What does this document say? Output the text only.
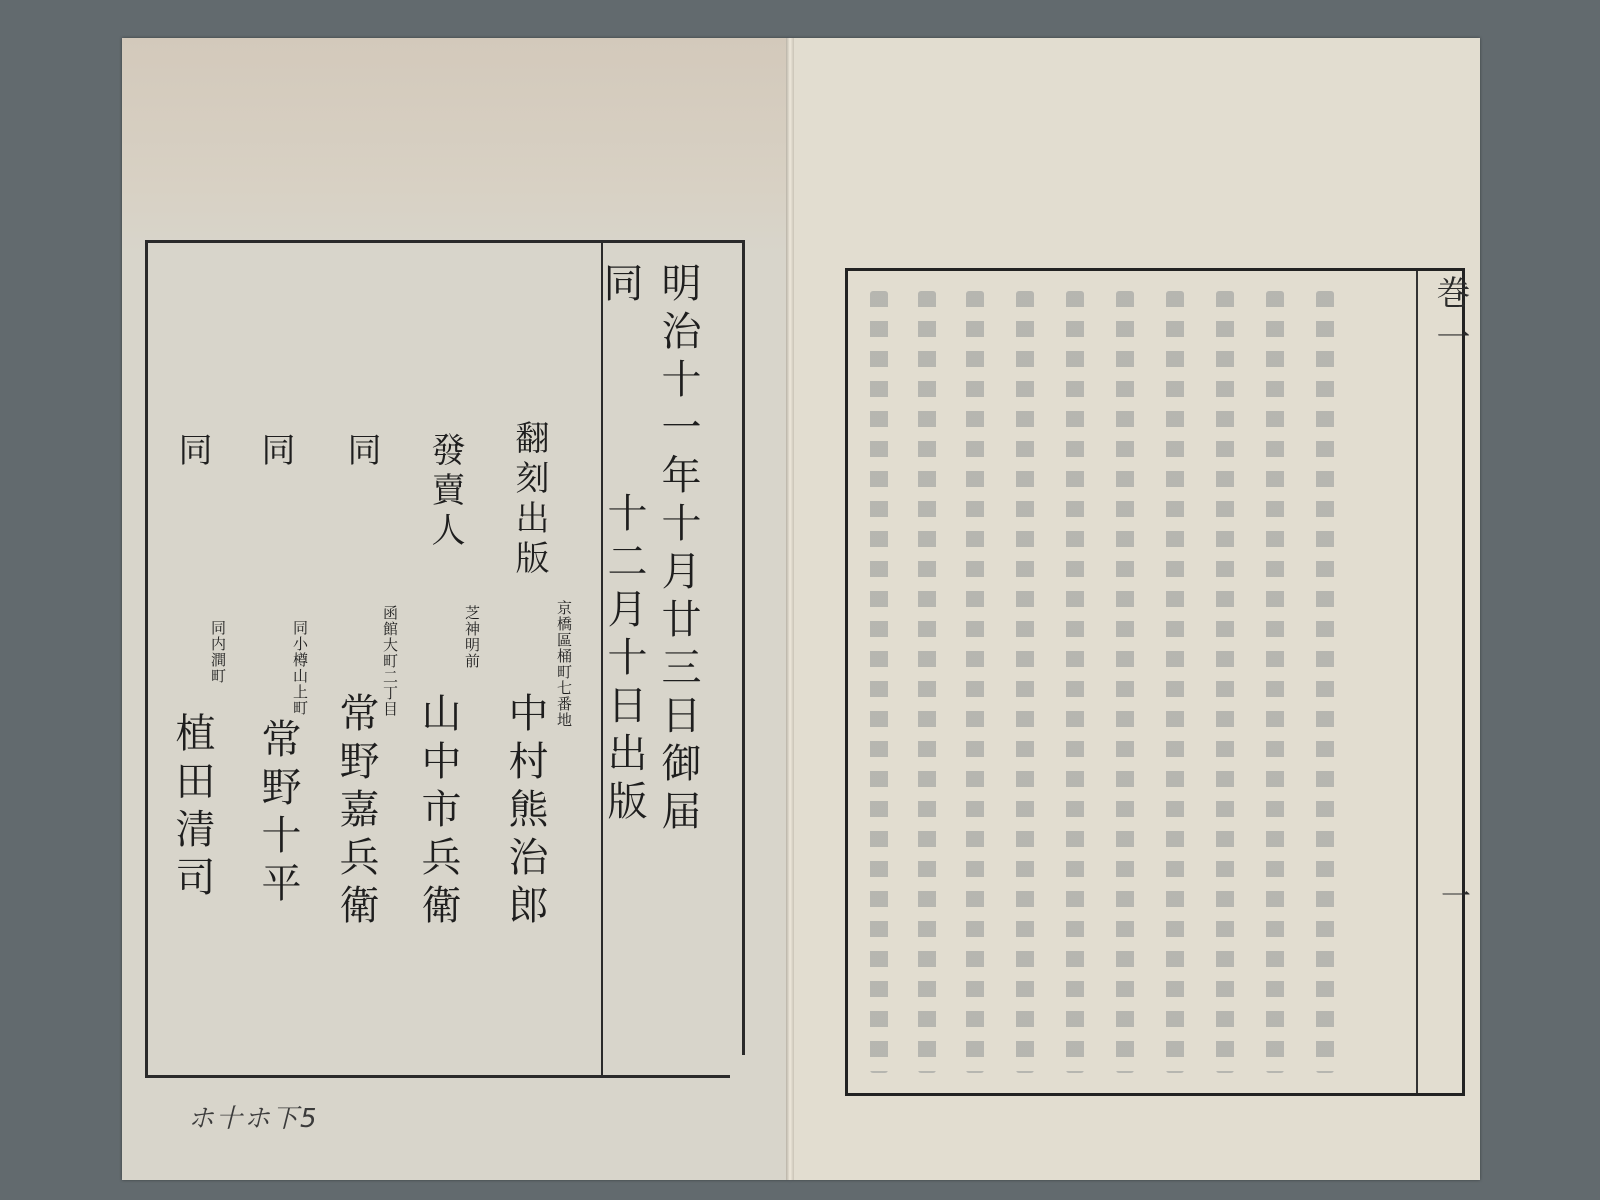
明治十一年十月廿三日御届
同
十二月十日出版
翻刻出版
京橋區桶町七番地
中村熊治郎
發賣人
芝神明前
山中市兵衛
同
函館大町二丁目
常野嘉兵衛
同
同小樽山上町
常野十平
同
同内澗町
植田清司
ホ十ホ下5
巻一
一
